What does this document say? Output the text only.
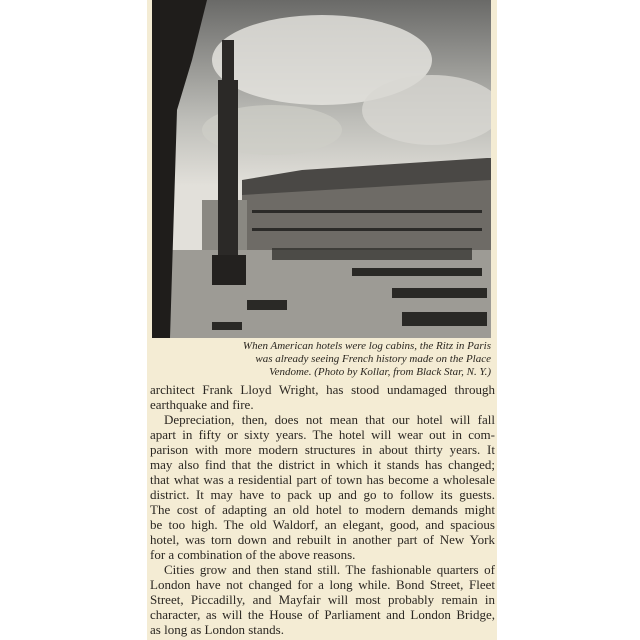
When American hotels were log cabins, the Ritz in Paris
was already seeing French history made on the Place
Vendome. (Photo by Kollar, from Black Star, N. Y.)
architect Frank Lloyd Wright, has stood undamaged through
earthquake and fire.
Depreciation, then, does not mean that our hotel will fall
apart in fifty or sixty years. The hotel will wear out in com-
parison with more modern structures in about thirty years. It
may also find that the district in which it stands has changed;
that what was a residential part of town has become a wholesale
district. It may have to pack up and go to follow its guests.
The cost of adapting an old hotel to modern demands might
be too high. The old Waldorf, an elegant, good, and spacious
hotel, was torn down and rebuilt in another part of New York
for a combination of the above reasons.
Cities grow and then stand still. The fashionable quarters of
London have not changed for a long while. Bond Street, Fleet
Street, Piccadilly, and Mayfair will most probably remain in
character, as will the House of Parliament and London Bridge,
as long as London stands.
